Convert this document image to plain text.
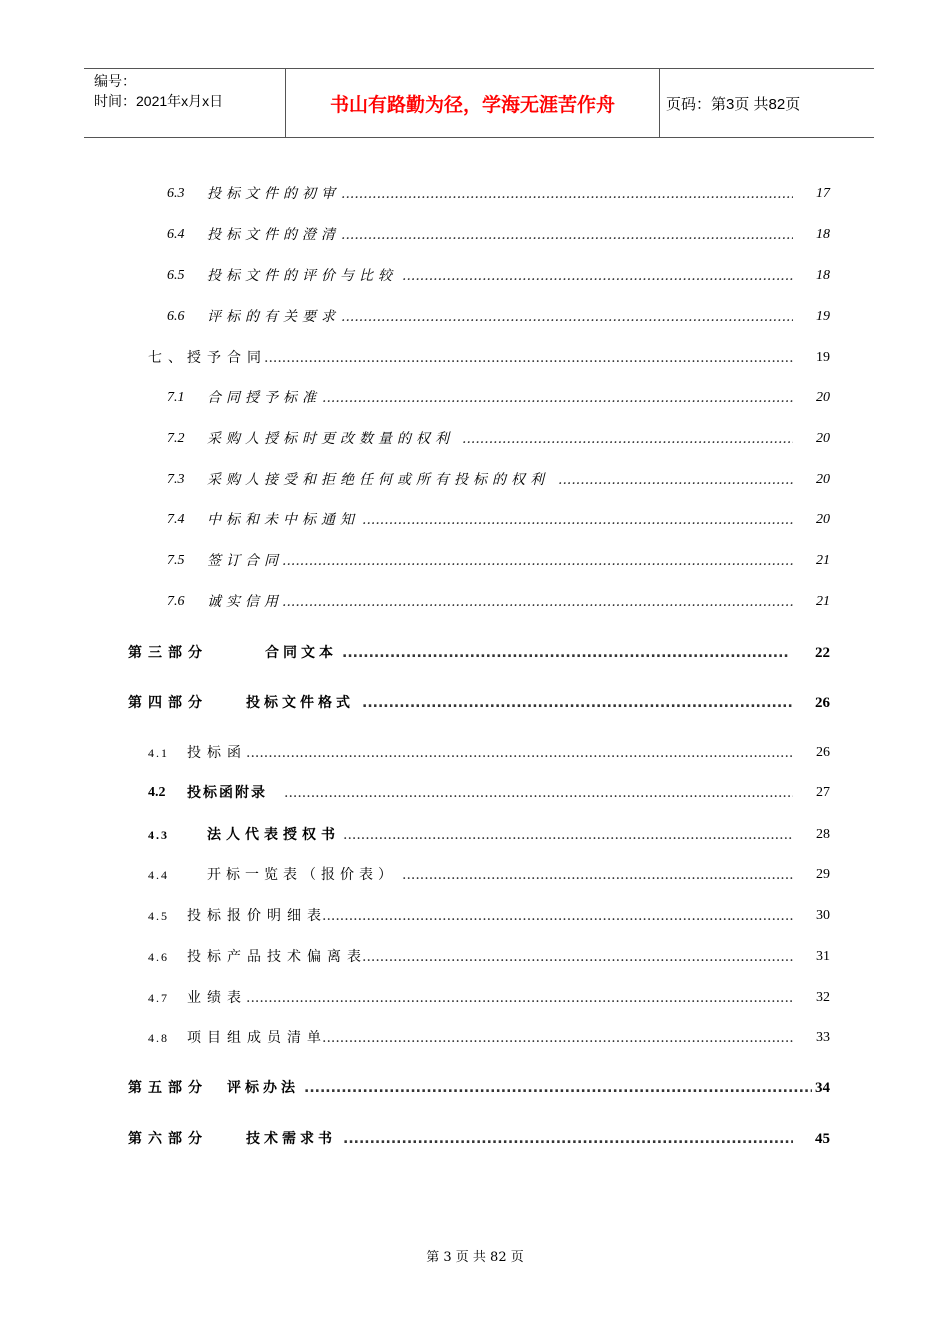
编号：
时间：2021年x月x日	书山有路勤为径，学海无涯苦作舟	页码：第3页 共82页
6.3 投标文件的初审 .....	17
6.4 投标文件的澄清 .....	18
6.5 投标文件的评价与比较 .....	18
6.6 评标的有关要求 .....	19
七、 授予合同 .....	19
7.1 合同授予标准 .....	20
7.2 采购人授标时更改数量的权利 .....	20
7.3 采购人接受和拒绝任何或所有投标的权利 .....	20
7.4 中标和未中标通知 .....	20
7.5 签订合同 .....	21
7.6 诚实信用 .....	21
第三部分	合同文本 .....	22
第四部分	投标文件格式 .....	26
4.1 投标函 .....	26
4.2 投标函附录 .....	27
4.3	法人代表授权书 .....	28
4.4	开标一览表（报价表） .....	29
4.5 投标报价明细表 .....	30
4.6 投标产品技术偏离表 .....	31
4.7 业绩表 .....	32
4.8 项目组成员清单 .....	33
第五部分 评标办法 .....	34
第六部分	技术需求书 .....	45
第 3 页 共 82 页
